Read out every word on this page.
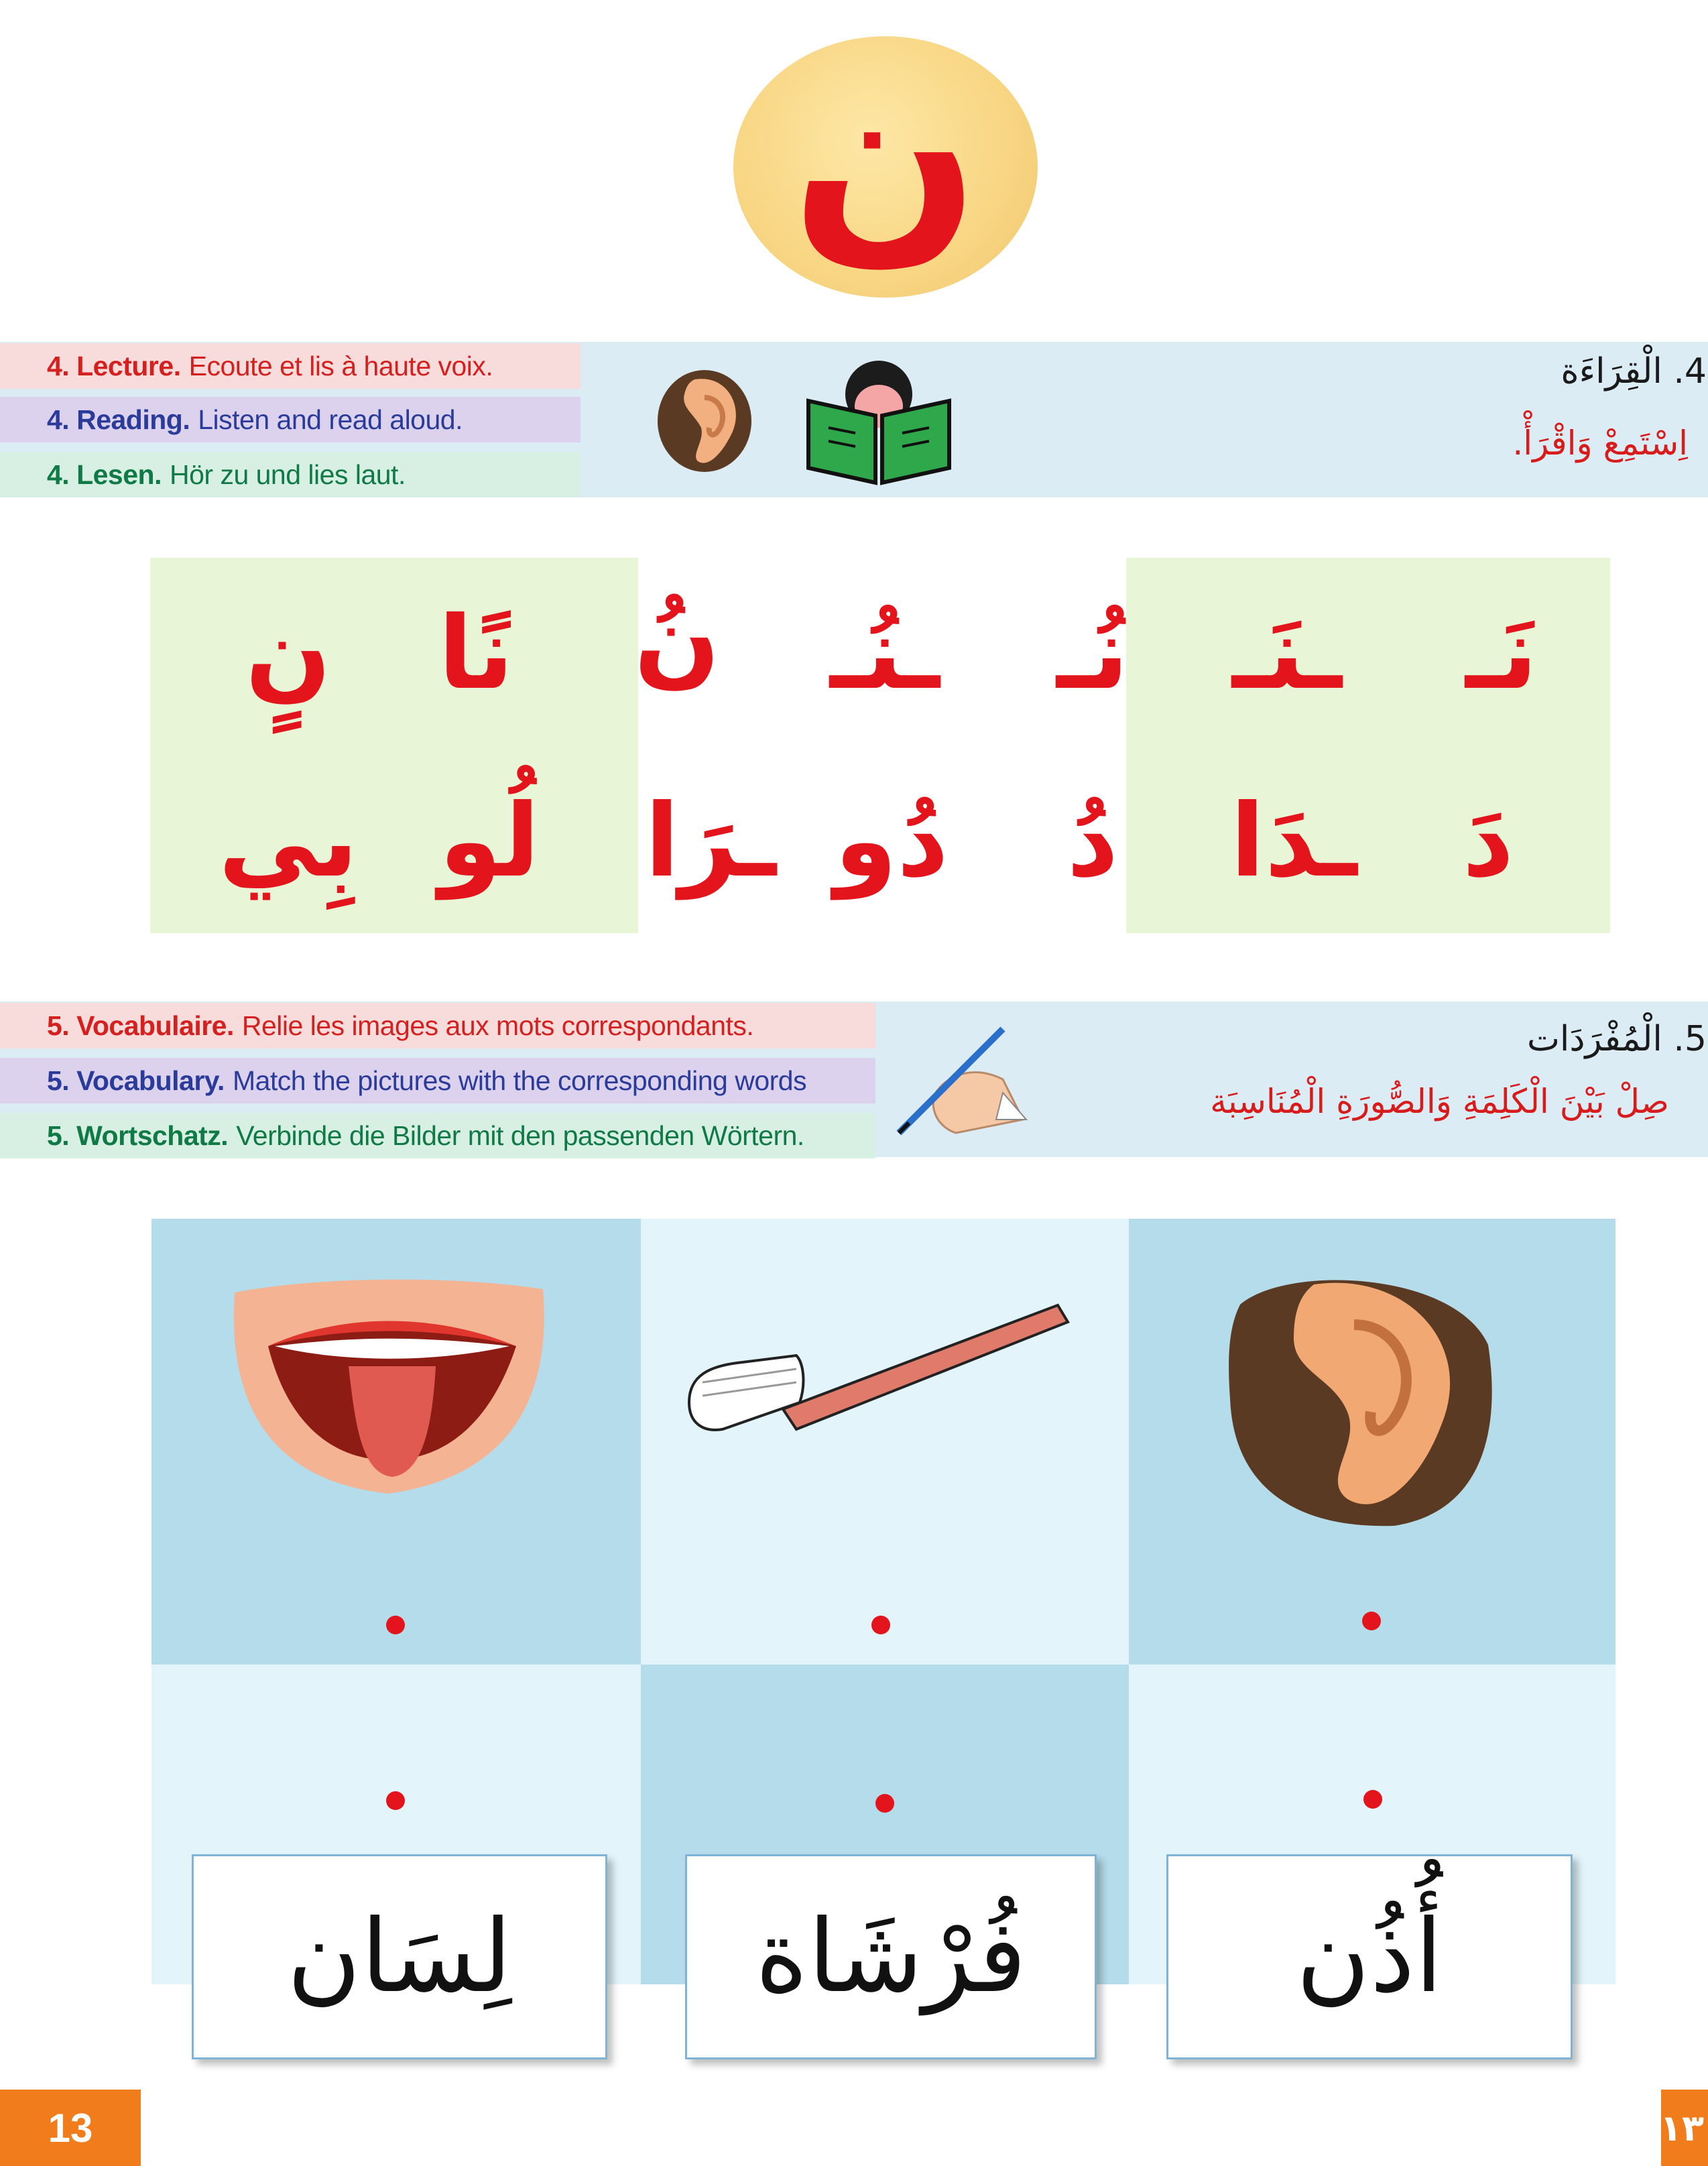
ن
4. Lecture. Ecoute et lis à haute voix.
4. Reading. Listen and read aloud.
4. Lesen. Hör zu und lies laut.
4. الْقِرَاءَة
اِسْتَمِعْ وَاقْرَأْ.
نَـ
ـنَـ
نُـ
ـنُـ
نُ
نًا
نٍ
دَ
ـدَا
دُ
دُو
ـرَا
لُو
بِي
5. Vocabulaire. Relie les images aux mots correspondants.
5. Vocabulary. Match the pictures with the corresponding words
5. Wortschatz. Verbinde die Bilder mit den passenden Wörtern.
5. الْمُفْرَدَات
صِلْ بَيْنَ الْكَلِمَةِ وَالصُّورَةِ الْمُنَاسِبَة
لِسَان فُرْشَاة	أُذُن
13	١٣
